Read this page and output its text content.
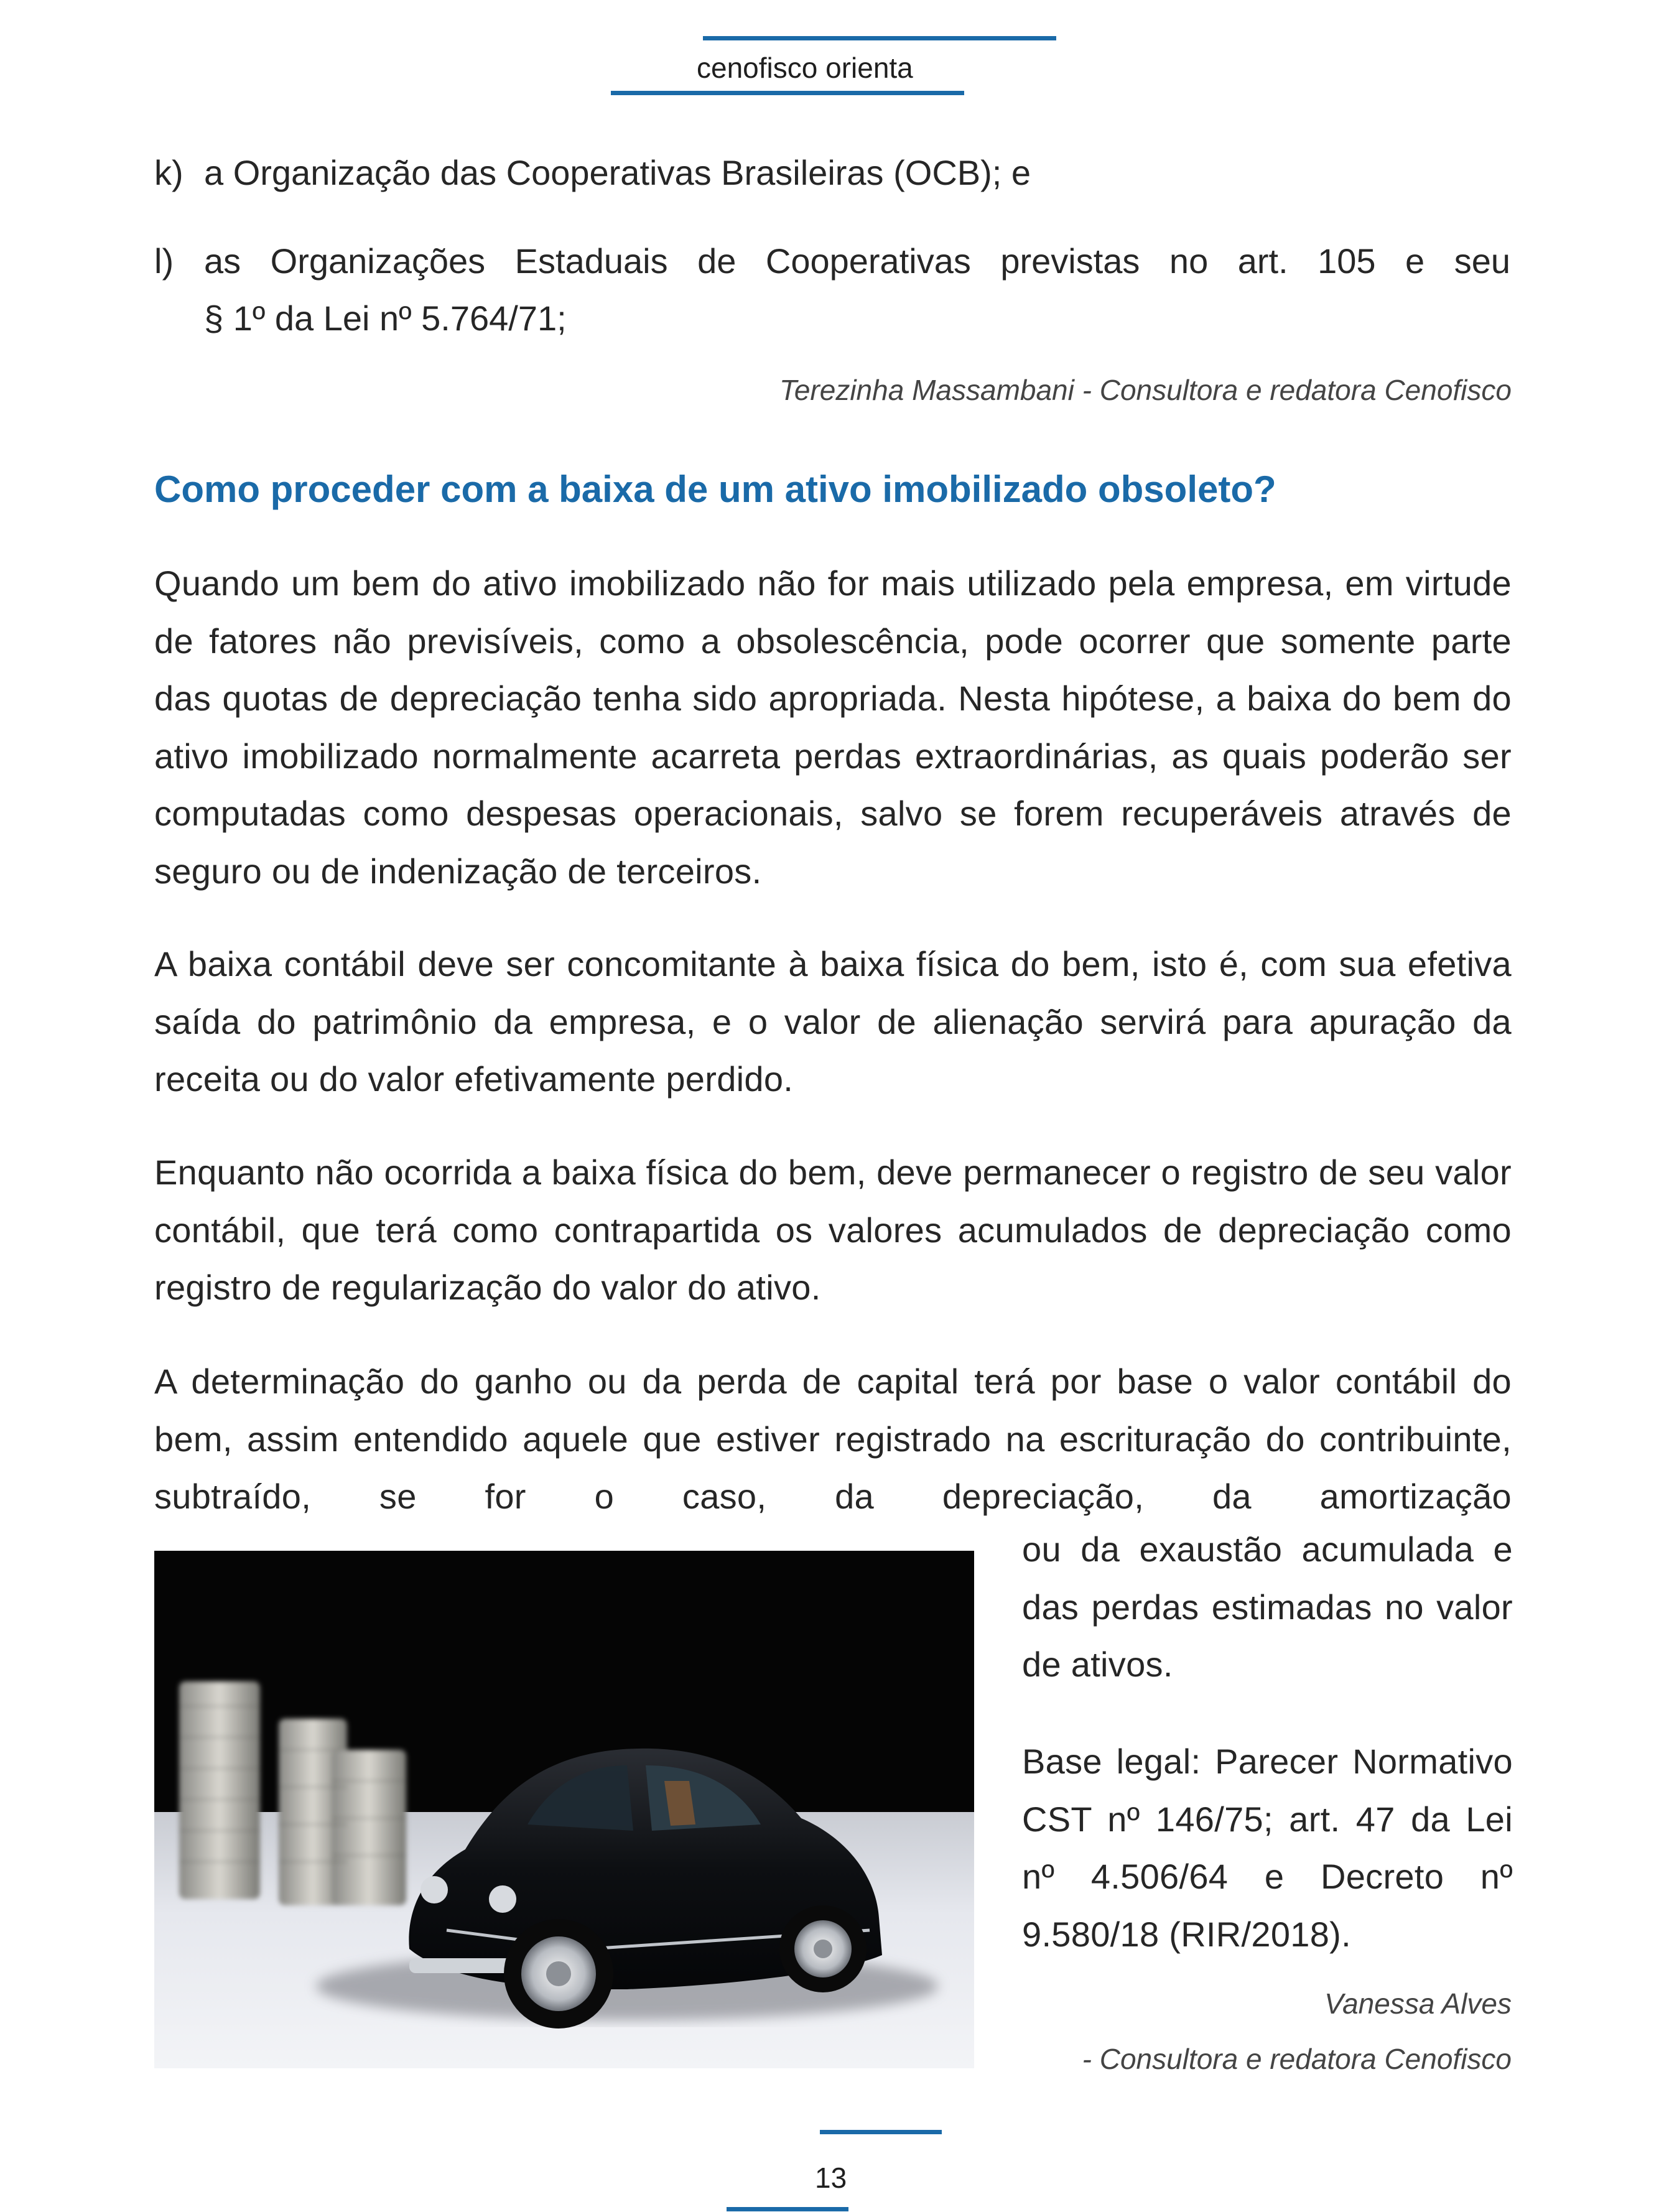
cenofisco orienta
k) a Organização das Cooperativas Brasileiras (OCB); e
l) as Organizações Estaduais de Cooperativas previstas no art. 105 e seu
§ 1º da Lei nº 5.764/71;
Terezinha Massambani - Consultora e redatora Cenofisco
Como proceder com a baixa de um ativo imobilizado obsoleto?

Quando um bem do ativo imobilizado não for mais utilizado pela empresa, em virtude de fatores não previsíveis, como a obsolescência, pode ocorrer que somente parte das quotas de depreciação tenha sido apropriada. Nesta hipótese, a baixa do bem do ativo imobilizado normalmente acarreta perdas extraordinárias, as quais poderão ser computadas como despesas operacionais, salvo se forem recuperáveis através de seguro ou de indenização de terceiros.

A baixa contábil deve ser concomitante à baixa física do bem, isto é, com sua efetiva saída do patrimônio da empresa, e o valor de alienação servirá para apuração da receita ou do valor efetivamente perdido.

Enquanto não ocorrida a baixa física do bem, deve permanecer o registro de seu valor contábil, que terá como contrapartida os valores acumulados de depreciação como registro de regularização do valor do ativo.

A determinação do ganho ou da perda de capital terá por base o valor contábil do bem, assim entendido aquele que estiver registrado na escrituração do contribuinte, subtraído, se for o caso, da depreciação, da amortização

ou da exaustão acumulada e das perdas estimadas no valor de ativos.
Base legal: Parecer Normativo CST nº 146/75; art. 47 da Lei nº 4.506/64 e Decreto nº 9.580/18 (RIR/2018).
Vanessa Alves
- Consultora e redatora Cenofisco
13
